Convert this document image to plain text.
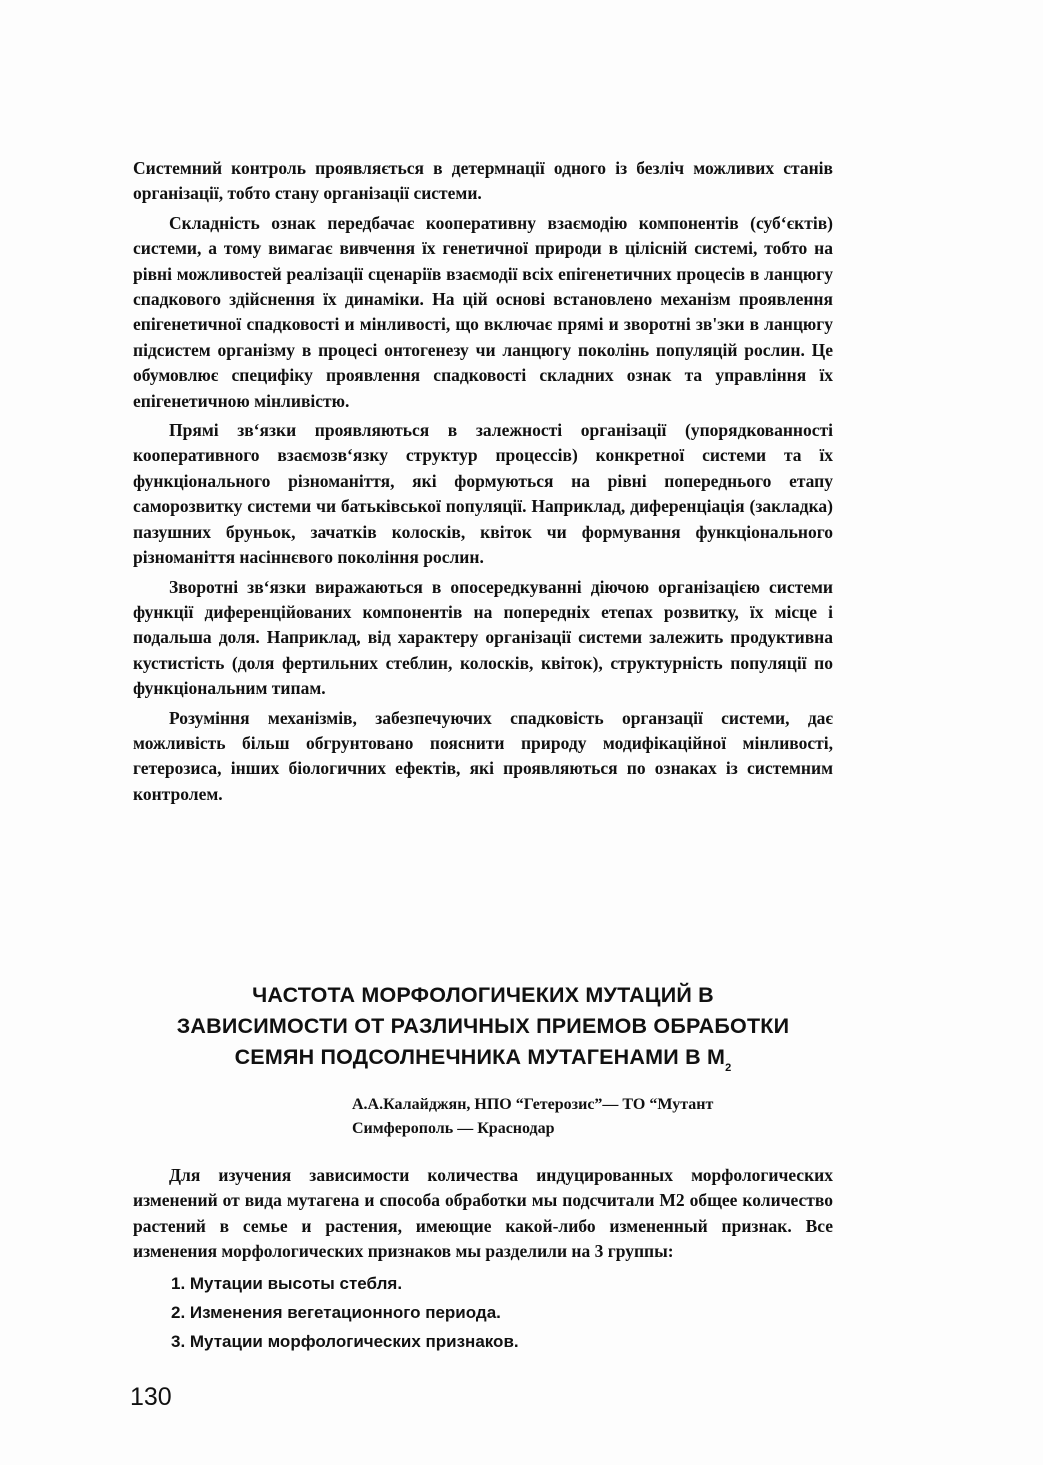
Системний контроль проявляється в детермнації одного із безліч можливих станів організації, тобто стану організації системи.

Складність ознак передбачає кооперативну взаємодію компонентів (суб‘єктів) системи, а тому вимагає вивчення їх генетичної природи в цілісній системі, тобто на рівні можливостей реалізації сценаріїв взаємодії всіх епігенетичних процесів в ланцюгу спадкового здійснення їх динаміки. На цій основі встановлено механізм проявлення епігенетичної спадковості и мінливості, що включає прямі и зворотні зв'зки в ланцюгу підсистем організму в процесі онтогенезу чи ланцюгу поколінь популяцій рослин. Це обумовлює специфіку проявлення спадковості складних ознак та управління їх епігенетичною мінливістю.

Прямі зв‘язки проявляються в залежності організації (упорядкованності кооперативного взаємозв‘язку структур процессів) конкретної системи та їх функціонального різноманіття, які формуються на рівні попереднього етапу саморозвитку системи чи батьківської популяції. Наприклад, диференціація (закладка) пазушних бруньок, зачатків колосків, квіток чи формування функціонального різноманіття насіннєвого покоління рослин.

Зворотні зв‘язки виражаються в опосередкуванні діючою організацією системи функції диференційованих компонентів на попередніх етепах розвитку, їх місце і подальша доля. Наприклад, від характеру організації системи залежить продуктивна кустистість (доля фертильних стеблин, колосків, квіток), структурність популяції по функціональним типам.

Розуміння механізмів, забезпечуючих спадковість органзації системи, дає можливість більш обгрунтовано пояснити природу модифікаційної мінливості, гетерозиса, інших біологичних ефектів, які проявляються по ознаках із системним контролем.

ЧАСТОТА МОРФОЛОГИЧЕКИХ МУТАЦИЙ В
ЗАВИСИМОСТИ ОТ РАЗЛИЧНЫХ ПРИЕМОВ ОБРАБОТКИ
СЕМЯН ПОДСОЛНЕЧНИКА МУТАГЕНАМИ В $М_2$
А.А.Калайджян, НПО “Гетерозис”— ТО “Мутант
Симферополь — Краснодар

Для изучения зависимости количества индуцированных морфологических изменений от вида мутагена и способа обработки мы подсчитали М2 общее количество растений в семье и растения, имеющие какой-либо измененный признак. Все изменения морфологических признаков мы разделили на 3 группы:

1. Мутации высоты стебля.
2. Изменения вегетационного периода.
3. Мутации морфологических признаков.
130
